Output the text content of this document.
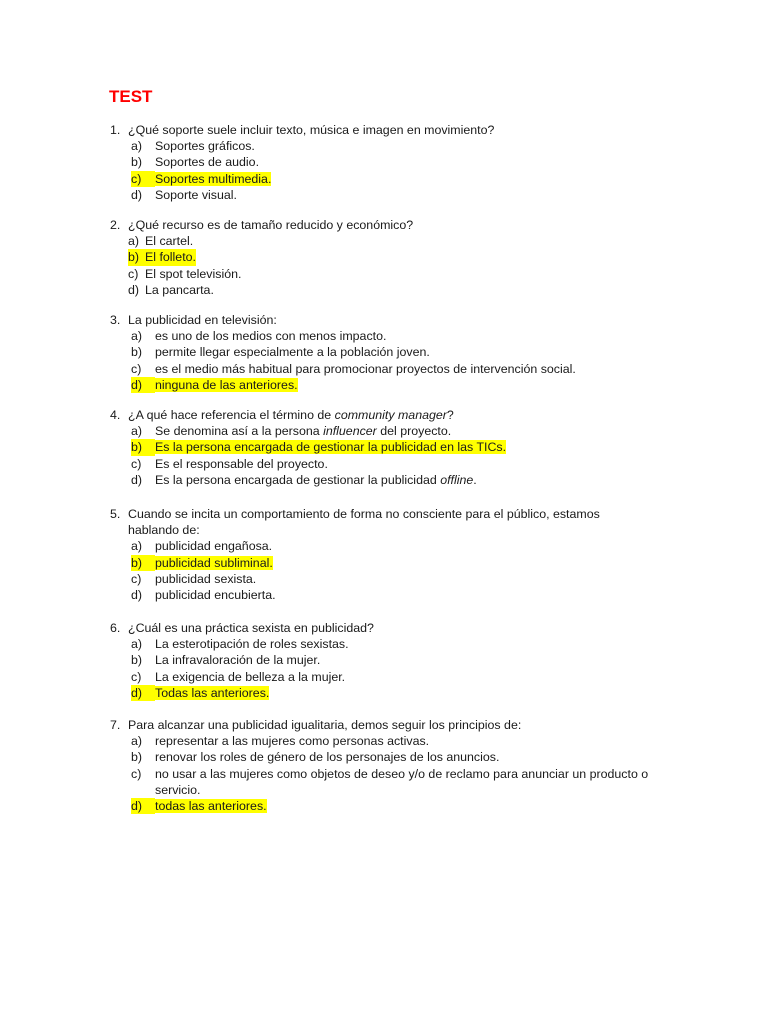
TEST
1. ¿Qué soporte suele incluir texto, música e imagen en movimiento?
a)	Soportes gráficos.
b)	Soportes de audio.
c)	Soportes multimedia.
d)	Soporte visual.
2. ¿Qué recurso es de tamaño reducido y económico?
a) El cartel.
b) El folleto.
c) El spot televisión.
d) La pancarta.
3. La publicidad en televisión:
a)	es uno de los medios con menos impacto.
b)	permite llegar especialmente a la población joven.
c)	es el medio más habitual para promocionar proyectos de intervención social.
d)	ninguna de las anteriores.
4. ¿A qué hace referencia el término de community manager?
a)	Se denomina así a la persona influencer del proyecto.
b)	Es la persona encargada de gestionar la publicidad en las TICs.
c)	Es el responsable del proyecto.
d)	Es la persona encargada de gestionar la publicidad offline.
5. Cuando se incita un comportamiento de forma no consciente para el público, estamos hablando de:
a)	publicidad engañosa.
b)	publicidad subliminal.
c)	publicidad sexista.
d)	publicidad encubierta.
6. ¿Cuál es una práctica sexista en publicidad?
a)	La esterotipación de roles sexistas.
b)	La infravaloración de la mujer.
c)	La exigencia de belleza a la mujer.
d)	Todas las anteriores.
7. Para alcanzar una publicidad igualitaria, demos seguir los principios de:
a)	representar a las mujeres como personas activas.
b)	renovar los roles de género de los personajes de los anuncios.
c)	no usar a las mujeres como objetos de deseo y/o de reclamo para anunciar un producto o servicio.
d)	todas las anteriores.
